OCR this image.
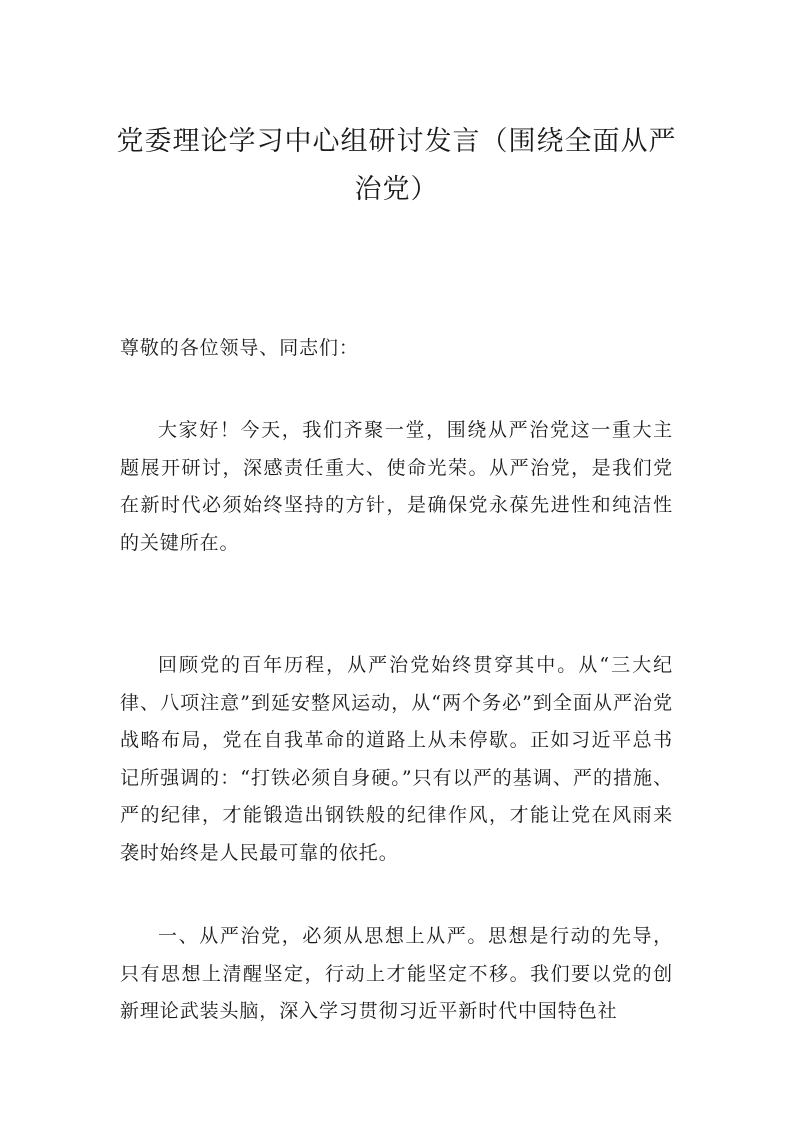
党委理论学习中心组研讨发言（围绕全面从严治党）

尊敬的各位领导、同志们：

大家好！今天，我们齐聚一堂，围绕从严治党这一重大主题展开研讨，深感责任重大、使命光荣。从严治党，是我们党在新时代必须始终坚持的方针，是确保党永葆先进性和纯洁性的关键所在。

回顾党的百年历程，从严治党始终贯穿其中。从“三大纪律、八项注意”到延安整风运动，从“两个务必”到全面从严治党战略布局，党在自我革命的道路上从未停歇。正如习近平总书记所强调的：“打铁必须自身硬。”只有以严的基调、严的措施、严的纪律，才能锻造出钢铁般的纪律作风，才能让党在风雨来袭时始终是人民最可靠的依托。

一、从严治党，必须从思想上从严。思想是行动的先导，只有思想上清醒坚定，行动上才能坚定不移。我们要以党的创新理论武装头脑，深入学习贯彻习近平新时代中国特色社
